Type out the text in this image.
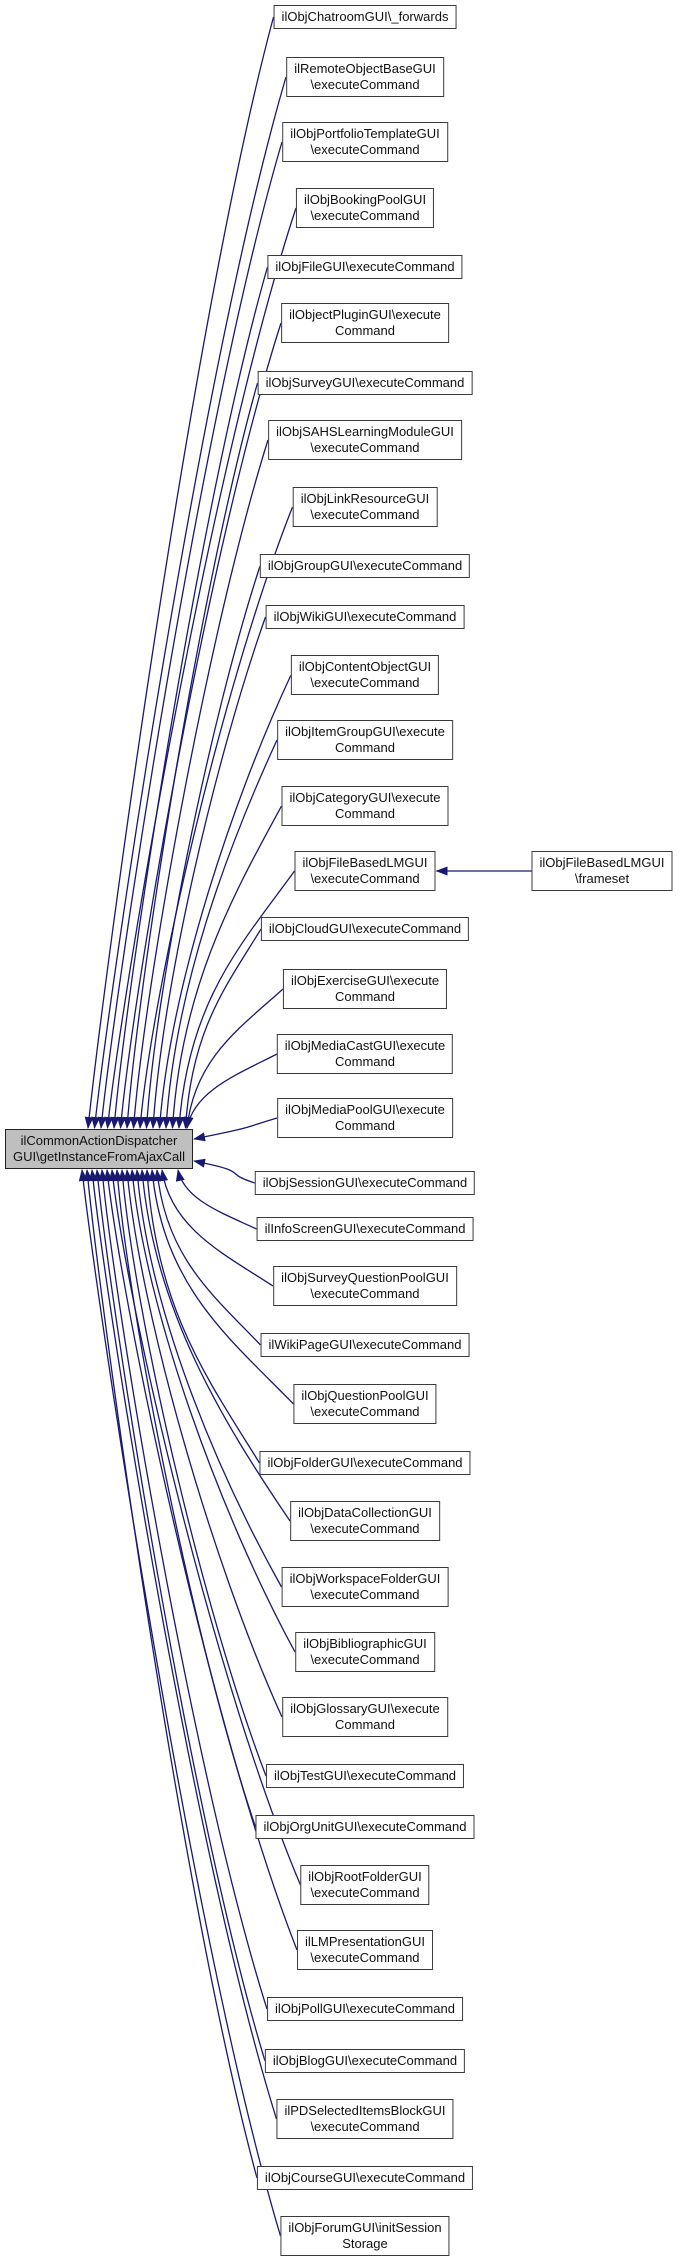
ilCommonActionDispatcher
GUI\getInstanceFromAjaxCall
ilObjChatroomGUI\_forwards
ilRemoteObjectBaseGUI
\executeCommand
ilObjPortfolioTemplateGUI
\executeCommand
ilObjBookingPoolGUI
\executeCommand
ilObjFileGUI\executeCommand
ilObjectPluginGUI\execute
Command
ilObjSurveyGUI\executeCommand
ilObjSAHSLearningModuleGUI
\executeCommand
ilObjLinkResourceGUI
\executeCommand
ilObjGroupGUI\executeCommand
ilObjWikiGUI\executeCommand
ilObjContentObjectGUI
\executeCommand
ilObjItemGroupGUI\execute
Command
ilObjCategoryGUI\execute
Command
ilObjFileBasedLMGUI
\executeCommand
ilObjCloudGUI\executeCommand
ilObjExerciseGUI\execute
Command
ilObjMediaCastGUI\execute
Command
ilObjMediaPoolGUI\execute
Command
ilObjSessionGUI\executeCommand
ilInfoScreenGUI\executeCommand
ilObjSurveyQuestionPoolGUI
\executeCommand
ilWikiPageGUI\executeCommand
ilObjQuestionPoolGUI
\executeCommand
ilObjFolderGUI\executeCommand
ilObjDataCollectionGUI
\executeCommand
ilObjWorkspaceFolderGUI
\executeCommand
ilObjBibliographicGUI
\executeCommand
ilObjGlossaryGUI\execute
Command
ilObjTestGUI\executeCommand
ilObjOrgUnitGUI\executeCommand
ilObjRootFolderGUI
\executeCommand
ilLMPresentationGUI
\executeCommand
ilObjPollGUI\executeCommand
ilObjBlogGUI\executeCommand
ilPDSelectedItemsBlockGUI
\executeCommand
ilObjCourseGUI\executeCommand
ilObjForumGUI\initSession
Storage
ilObjFileBasedLMGUI
\frameset
